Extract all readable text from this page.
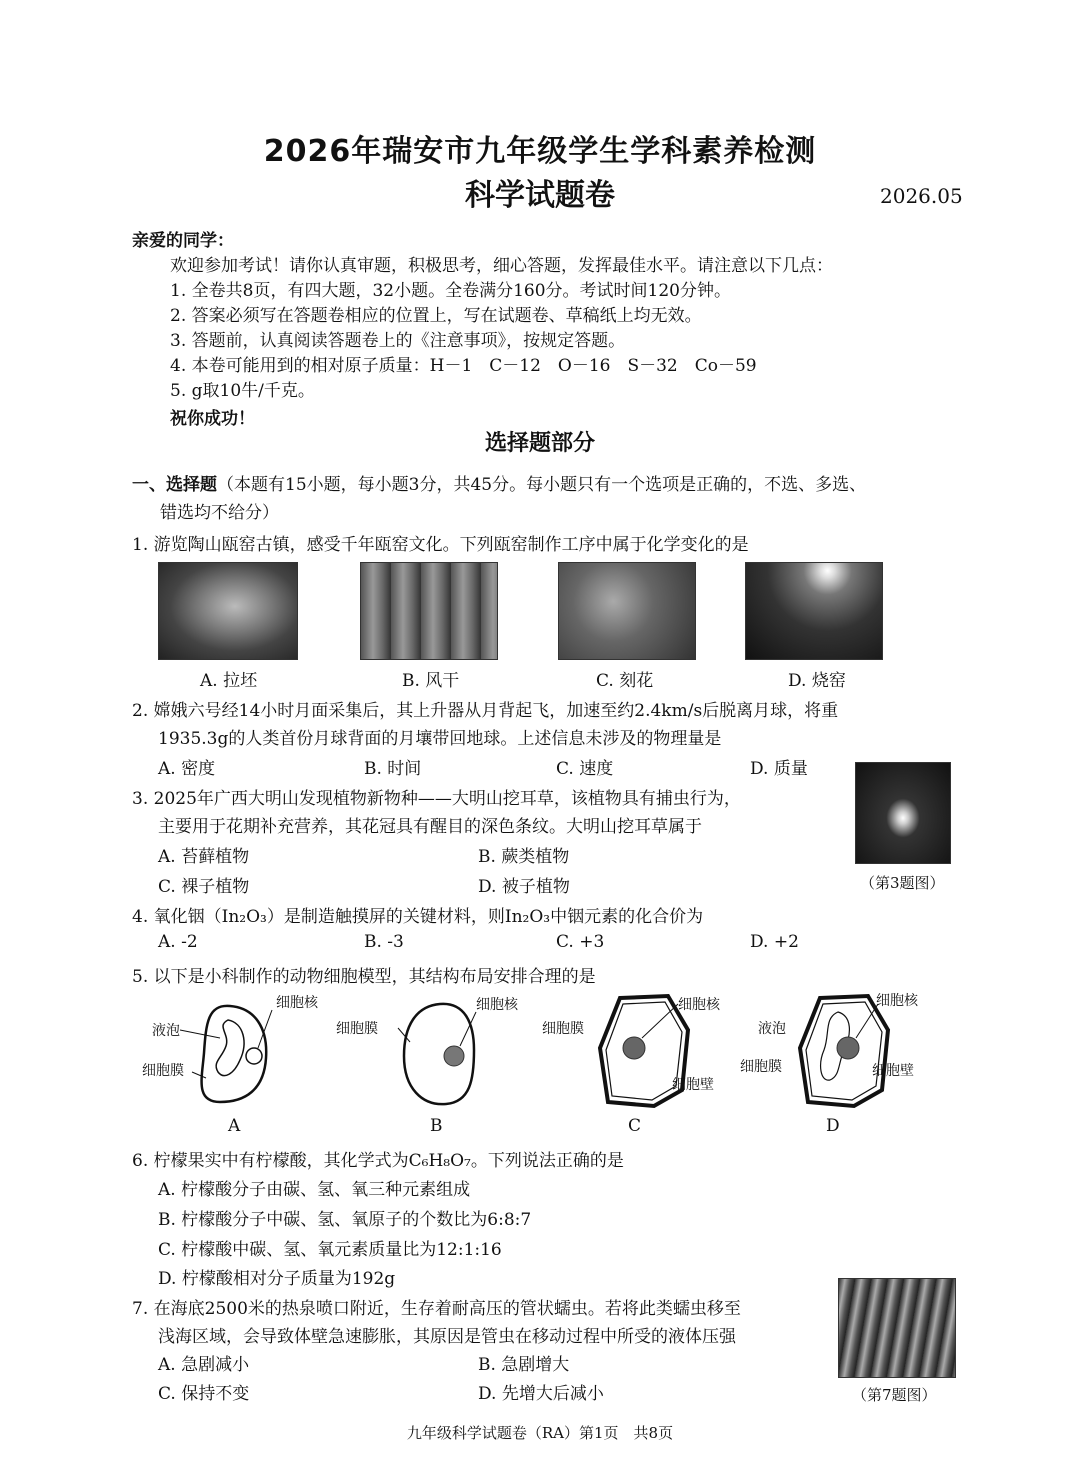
2026年瑞安市九年级学生学科素养检测
科学试题卷	2026.05
亲爱的同学：
欢迎参加考试！请你认真审题，积极思考，细心答题，发挥最佳水平。请注意以下几点：
1. 全卷共8页，有四大题，32小题。全卷满分160分。考试时间120分钟。
2. 答案必须写在答题卷相应的位置上，写在试题卷、草稿纸上均无效。
3. 答题前，认真阅读答题卷上的《注意事项》，按规定答题。
4. 本卷可能用到的相对原子质量：H－1　C－12　O－16　S－32　Co－59
5. g取10牛/千克。
祝你成功！
选择题部分
一、选择题（本题有15小题，每小题3分，共45分。每小题只有一个选项是正确的，不选、多选、
错选均不给分）
1. 游览陶山瓯窑古镇，感受千年瓯窑文化。下列瓯窑制作工序中属于化学变化的是
A. 拉坯	B. 风干	C. 刻花	D. 烧窑
2. 嫦娥六号经14小时月面采集后，其上升器从月背起飞，加速至约2.4km/s后脱离月球，将重
1935.3g的人类首份月球背面的月壤带回地球。上述信息未涉及的物理量是
A. 密度	B. 时间	C. 速度	D. 质量
3. 2025年广西大明山发现植物新物种——大明山挖耳草，该植物具有捕虫行为，
主要用于花期补充营养，其花冠具有醒目的深色条纹。大明山挖耳草属于
A. 苔藓植物	B. 蕨类植物
C. 裸子植物	D. 被子植物	（第3题图）
4. 氧化铟（In₂O₃）是制造触摸屏的关键材料，则In₂O₃中铟元素的化合价为
A. -2	B. -3	C. +3	D. +2
5. 以下是小科制作的动物细胞模型，其结构布局安排合理的是
细胞核
液泡
细胞膜
A
细胞核
细胞膜
B
细胞核
细胞膜
细胞壁
C
细胞核
液泡
细胞膜	细胞壁
D
6. 柠檬果实中有柠檬酸，其化学式为C₆H₈O₇。下列说法正确的是
A. 柠檬酸分子由碳、氢、氧三种元素组成
B. 柠檬酸分子中碳、氢、氧原子的个数比为6:8:7
C. 柠檬酸中碳、氢、氧元素质量比为12:1:16
D. 柠檬酸相对分子质量为192g
7. 在海底2500米的热泉喷口附近，生存着耐高压的管状蠕虫。若将此类蠕虫移至
浅海区域，会导致体壁急速膨胀，其原因是管虫在移动过程中所受的液体压强
A. 急剧减小	B. 急剧增大
C. 保持不变	D. 先增大后减小	（第7题图）
九年级科学试题卷（RA）第1页　共8页
